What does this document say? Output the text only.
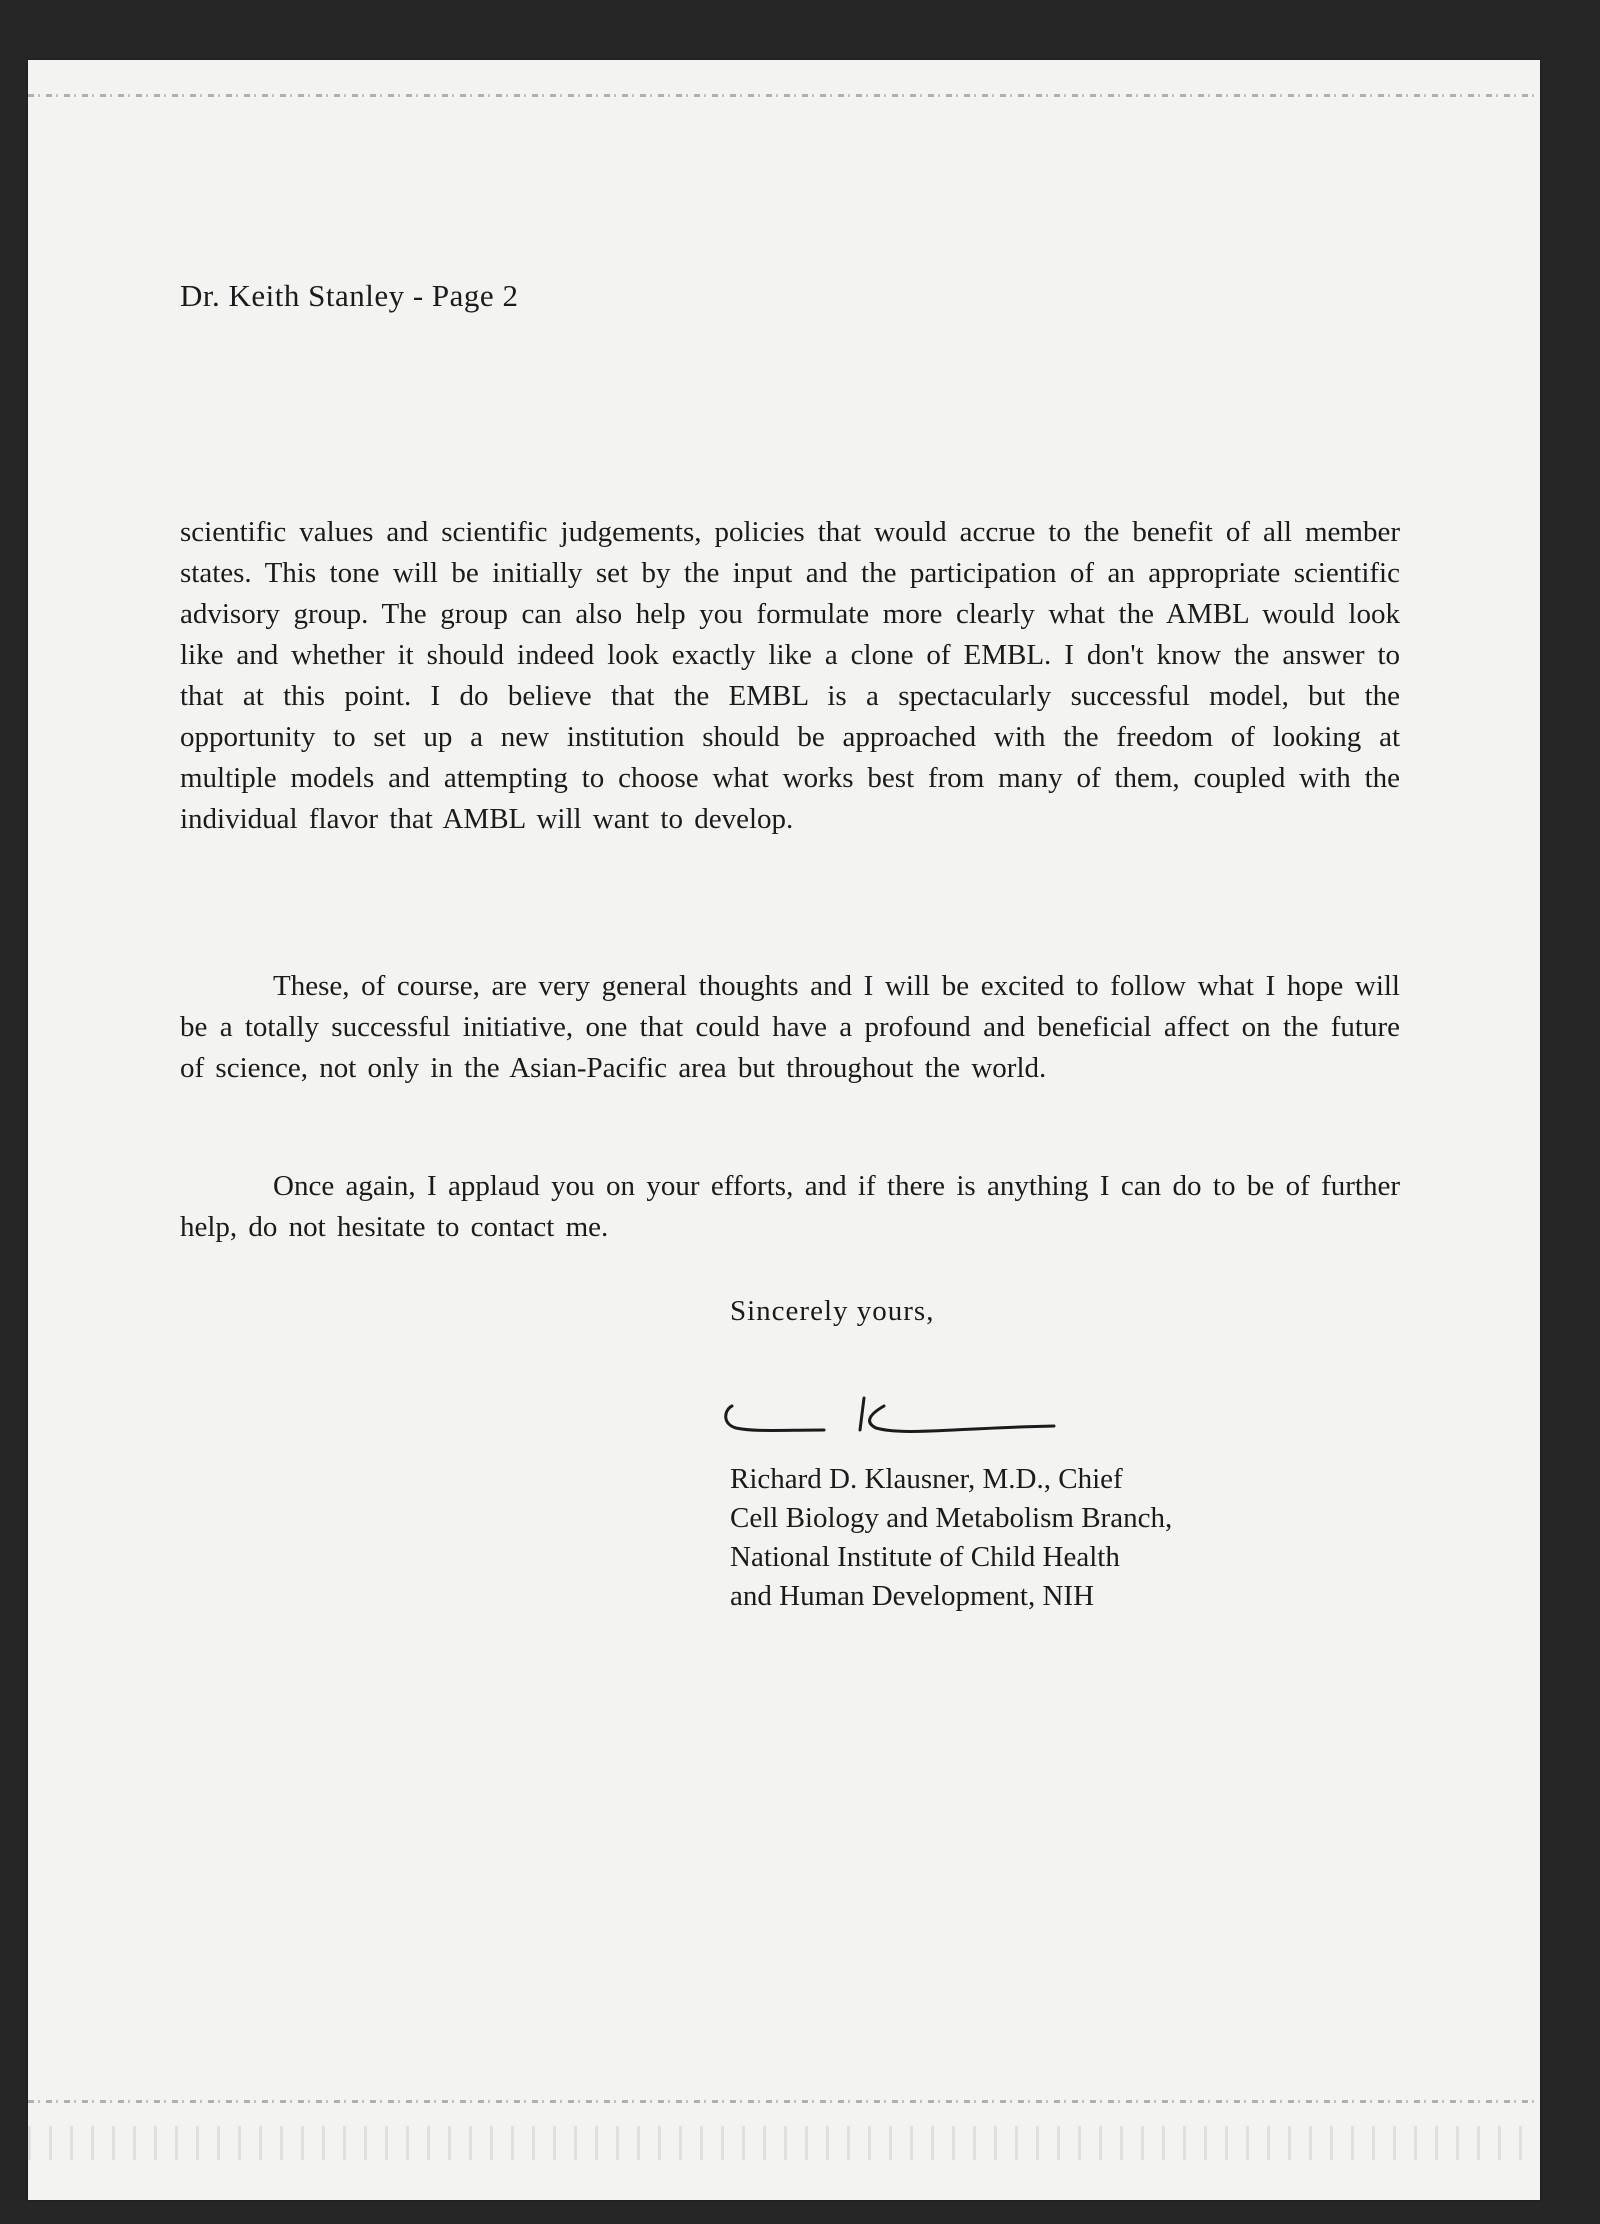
Dr. Keith Stanley - Page 2

scientific values and scientific judgements, policies that would accrue to the benefit of all member states. This tone will be initially set by the input and the participation of an appropriate scientific advisory group. The group can also help you formulate more clearly what the AMBL would look like and whether it should indeed look exactly like a clone of EMBL. I don't know the answer to that at this point. I do believe that the EMBL is a spectacularly successful model, but the opportunity to set up a new institution should be approached with the freedom of looking at multiple models and attempting to choose what works best from many of them, coupled with the individual flavor that AMBL will want to develop.

These, of course, are very general thoughts and I will be excited to follow what I hope will be a totally successful initiative, one that could have a profound and beneficial affect on the future of science, not only in the Asian-Pacific area but throughout the world.

Once again, I applaud you on your efforts, and if there is anything I can do to be of further help, do not hesitate to contact me.

Sincerely yours,

Richard D. Klausner, M.D., Chief
Cell Biology and Metabolism Branch,
National Institute of Child Health
and Human Development, NIH
